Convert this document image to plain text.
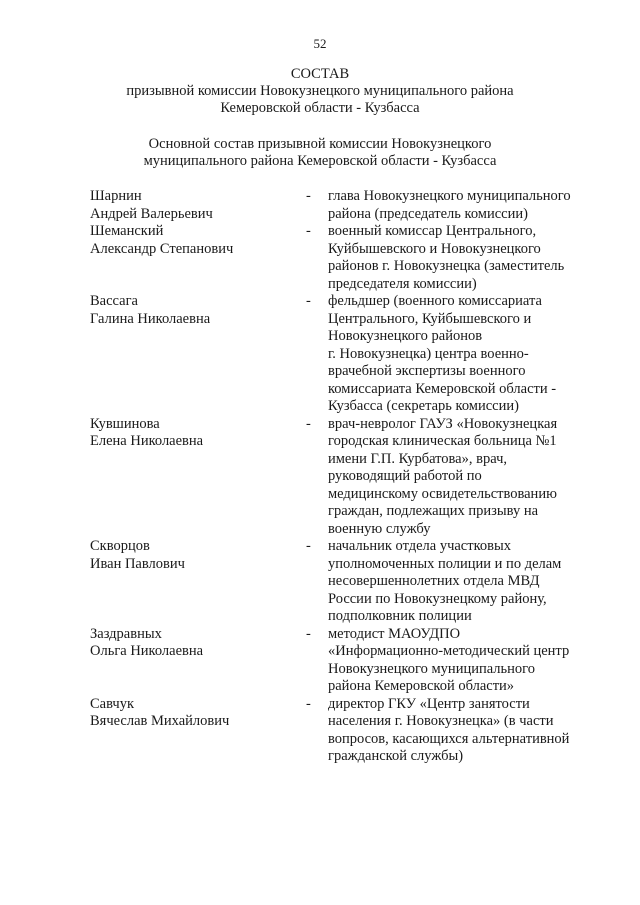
52
СОСТАВ
призывной комиссии Новокузнецкого муниципального района
Кемеровской области - Кузбасса
Основной состав призывной комиссии Новокузнецкого
муниципального района Кемеровской области - Кузбасса
Шарнин
Андрей Валерьевич
- глава Новокузнецкого муниципального
района (председатель комиссии)
Шеманский
Александр Степанович
- военный комиссар Центрального,
Куйбышевского и Новокузнецкого
районов г. Новокузнецка (заместитель
председателя комиссии)
Вассага
Галина Николаевна
- фельдшер (военного комиссариата
Центрального, Куйбышевского и
Новокузнецкого районов
г. Новокузнецка) центра военно-
врачебной экспертизы военного
комиссариата Кемеровской области -
Кузбасса (секретарь комиссии)
Кувшинова
Елена Николаевна
- врач-невролог ГАУЗ «Новокузнецкая
городская клиническая больница №1
имени Г.П. Курбатова», врач,
руководящий работой по
медицинскому освидетельствованию
граждан, подлежащих призыву на
военную службу
Скворцов
Иван Павлович
- начальник отдела участковых
уполномоченных полиции и по делам
несовершеннолетних отдела МВД
России по Новокузнецкому району,
подполковник полиции
Заздравных
Ольга Николаевна
- методист МАОУДПО
«Информационно-методический центр
Новокузнецкого муниципального
района Кемеровской области»
Савчук
Вячеслав Михайлович
- директор ГКУ «Центр занятости
населения г. Новокузнецка» (в части
вопросов, касающихся альтернативной
гражданской службы)
